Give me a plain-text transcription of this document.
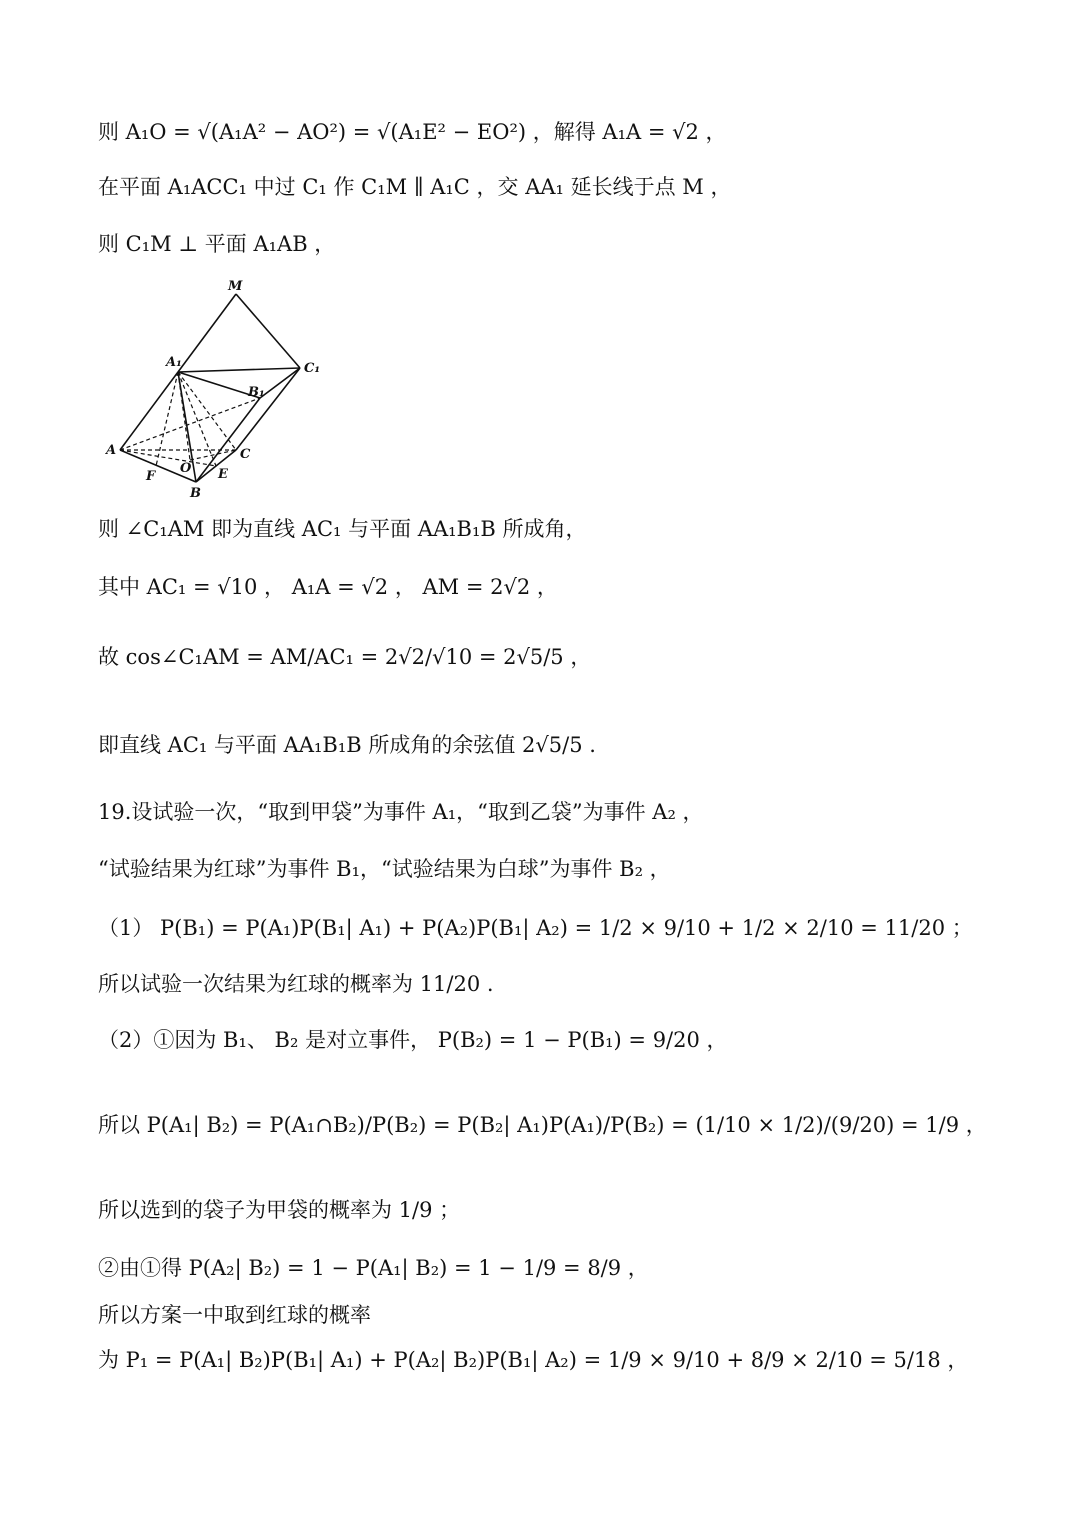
则 A₁O = √(A₁A² − AO²) = √(A₁E² − EO²) ，解得 A₁A = √2 ，
在平面 A₁ACC₁ 中过 C₁ 作 C₁M ∥ A₁C ，交 AA₁ 延长线于点 M ，
则 C₁M ⊥ 平面 A₁AB ，
M
A₁	C₁
B₁
A	C
F
O E
B
则 ∠C₁AM 即为直线 AC₁ 与平面 AA₁B₁B 所成角，
其中 AC₁ = √10 ， A₁A = √2 ， AM = 2√2 ，
故 cos∠C₁AM = AM/AC₁ = 2√2/√10 = 2√5/5 ，
即直线 AC₁ 与平面 AA₁B₁B 所成角的余弦值 2√5/5 .
19.设试验一次，“取到甲袋”为事件 A₁，“取到乙袋”为事件 A₂ ，
“试验结果为红球”为事件 B₁，“试验结果为白球”为事件 B₂ ，
（1） P(B₁) = P(A₁)P(B₁| A₁) + P(A₂)P(B₁| A₂) = 1/2 × 9/10 + 1/2 × 2/10 = 11/20 ；
所以试验一次结果为红球的概率为 11/20 .
（2）①因为 B₁、 B₂ 是对立事件， P(B₂) = 1 − P(B₁) = 9/20 ，
所以 P(A₁| B₂) = P(A₁∩B₂)/P(B₂) = P(B₂| A₁)P(A₁)/P(B₂) = (1/10 × 1/2)/(9/20) = 1/9 ，
所以选到的袋子为甲袋的概率为 1/9 ；
②由①得 P(A₂| B₂) = 1 − P(A₁| B₂) = 1 − 1/9 = 8/9 ，
所以方案一中取到红球的概率
为 P₁ = P(A₁| B₂)P(B₁| A₁) + P(A₂| B₂)P(B₁| A₂) = 1/9 × 9/10 + 8/9 × 2/10 = 5/18 ，
